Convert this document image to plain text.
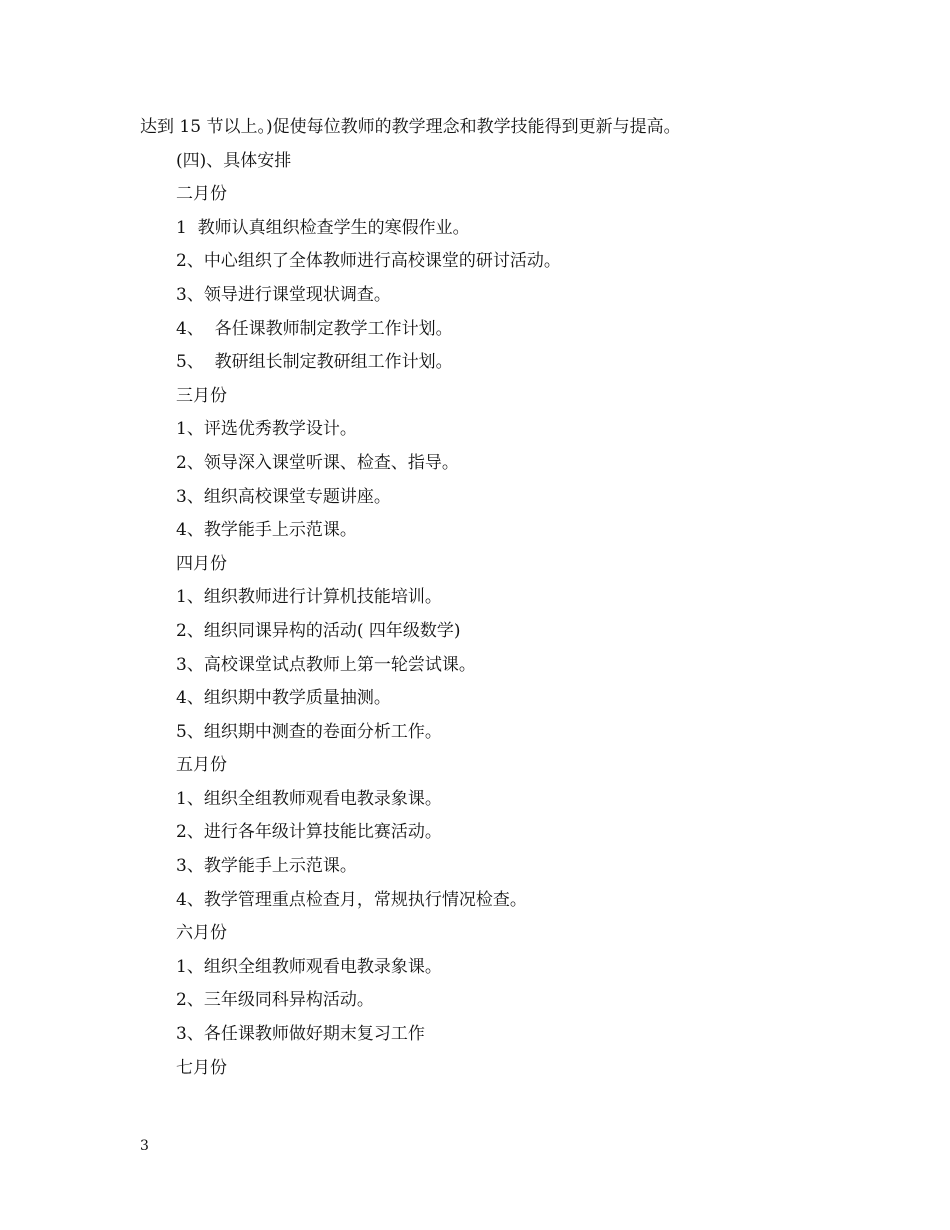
达到 15 节以上。)促使每位教师的教学理念和教学技能得到更新与提高。
(四)、具体安排
二月份
1  教师认真组织检查学生的寒假作业。
2、中心组织了全体教师进行高校课堂的研讨活动。
3、领导进行课堂现状调查。
4、  各任课教师制定教学工作计划。
5、  教研组长制定教研组工作计划。
三月份
1、评选优秀教学设计。
2、领导深入课堂听课、检查、指导。
3、组织高校课堂专题讲座。
4、教学能手上示范课。
四月份
1、组织教师进行计算机技能培训。
2、组织同课异构的活动( 四年级数学)
3、高校课堂试点教师上第一轮尝试课。
4、组织期中教学质量抽测。
5、组织期中测查的卷面分析工作。
五月份
1、组织全组教师观看电教录象课。
2、进行各年级计算技能比赛活动。
3、教学能手上示范课。
4、教学管理重点检查月，常规执行情况检查。
六月份
1、组织全组教师观看电教录象课。
2、三年级同科异构活动。
3、各任课教师做好期末复习工作
七月份
3
